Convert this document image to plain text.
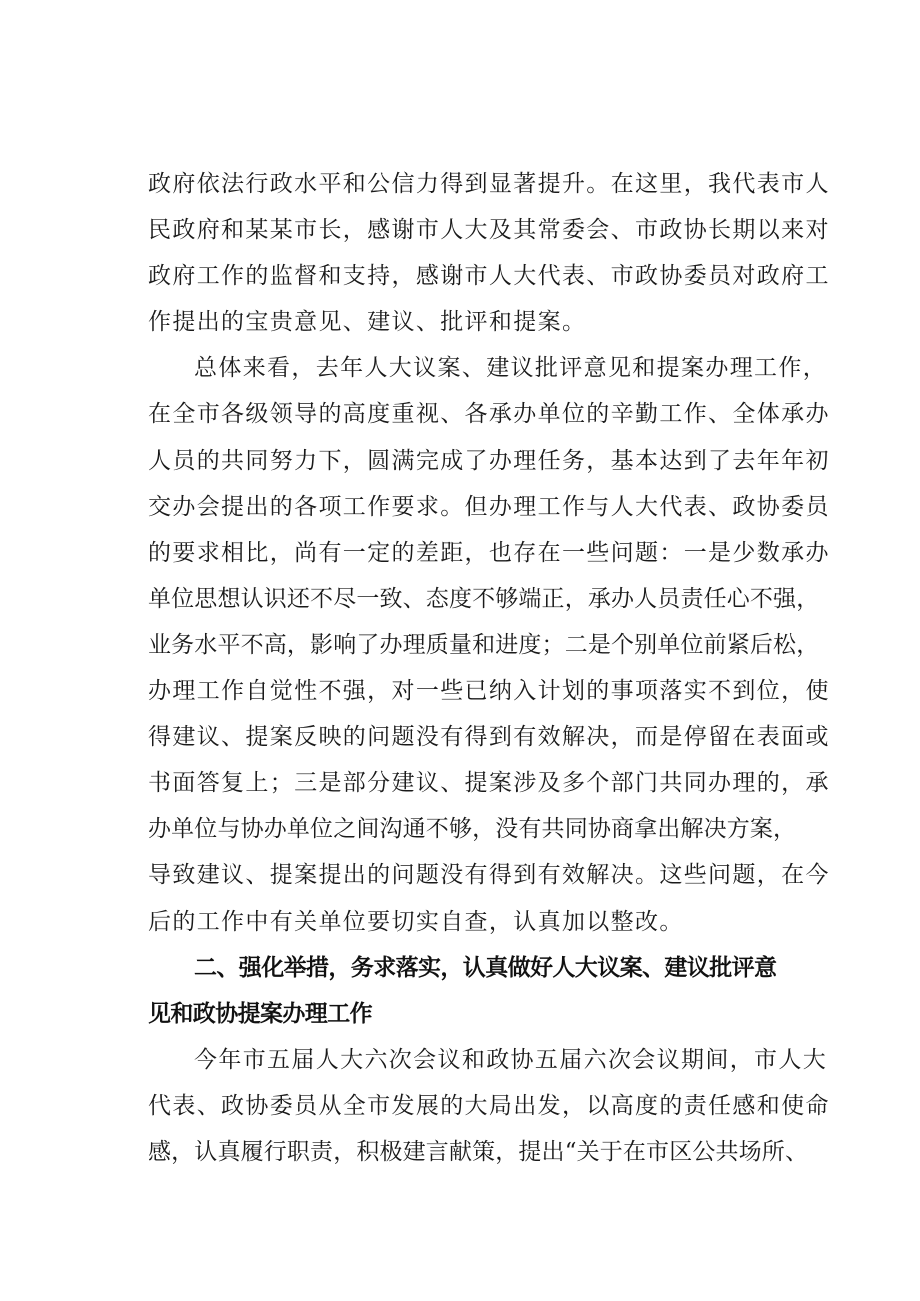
政府依法行政水平和公信力得到显著提升。在这里，我代表市人
民政府和某某市长，感谢市人大及其常委会、市政协长期以来对
政府工作的监督和支持，感谢市人大代表、市政协委员对政府工
作提出的宝贵意见、建议、批评和提案。
总体来看，去年人大议案、建议批评意见和提案办理工作，
在全市各级领导的高度重视、各承办单位的辛勤工作、全体承办
人员的共同努力下，圆满完成了办理任务，基本达到了去年年初
交办会提出的各项工作要求。但办理工作与人大代表、政协委员
的要求相比，尚有一定的差距，也存在一些问题：一是少数承办
单位思想认识还不尽一致、态度不够端正，承办人员责任心不强，
业务水平不高，影响了办理质量和进度；二是个别单位前紧后松，
办理工作自觉性不强，对一些已纳入计划的事项落实不到位，使
得建议、提案反映的问题没有得到有效解决，而是停留在表面或
书面答复上；三是部分建议、提案涉及多个部门共同办理的，承
办单位与协办单位之间沟通不够，没有共同协商拿出解决方案，
导致建议、提案提出的问题没有得到有效解决。这些问题，在今
后的工作中有关单位要切实自查，认真加以整改。
二、强化举措，务求落实，认真做好人大议案、建议批评意
见和政协提案办理工作
今年市五届人大六次会议和政协五届六次会议期间，市人大
代表、政协委员从全市发展的大局出发，以高度的责任感和使命
感，认真履行职责，积极建言献策，提出“关于在市区公共场所、
